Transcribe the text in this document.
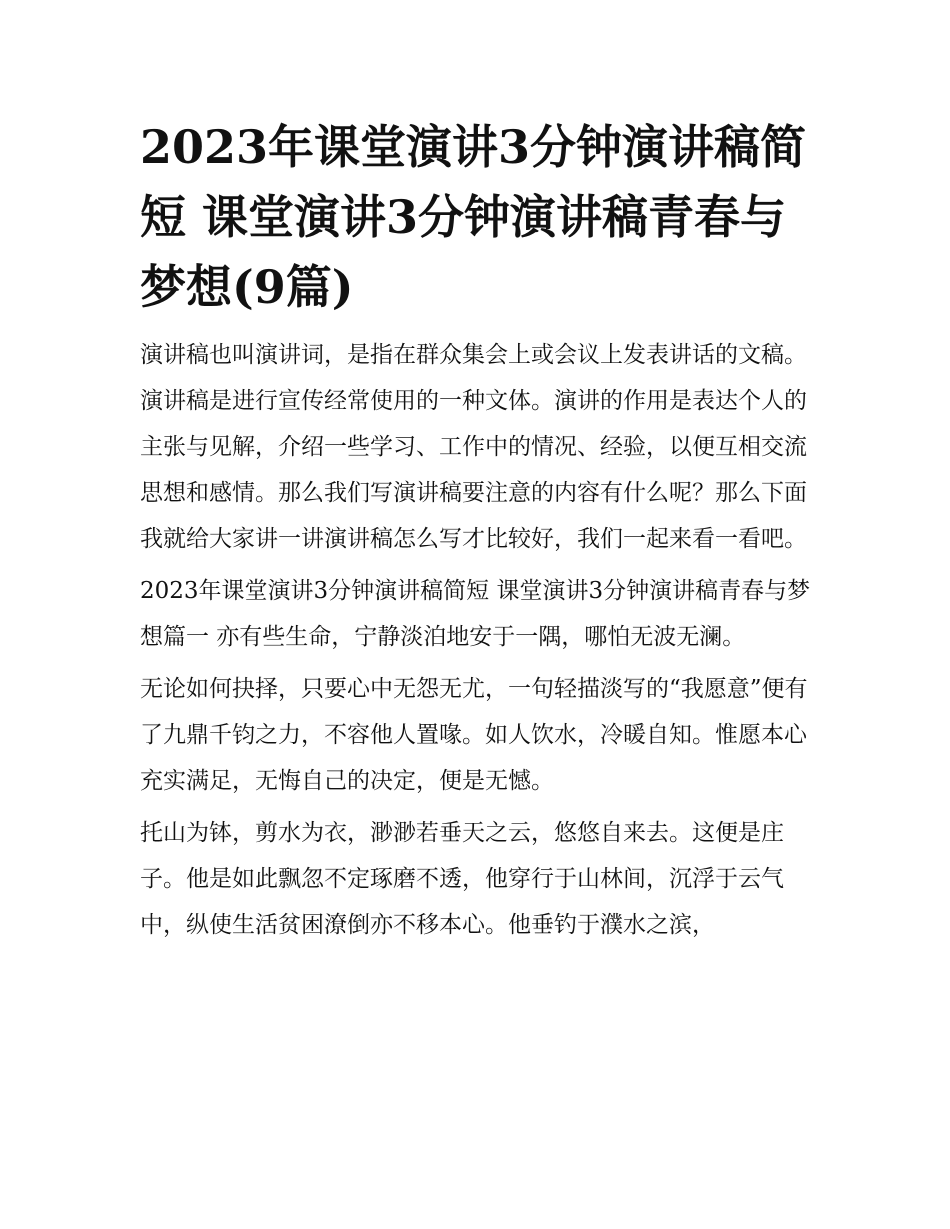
2023年课堂演讲3分钟演讲稿简短 课堂演讲3分钟演讲稿青春与梦想(9篇)

演讲稿也叫演讲词，是指在群众集会上或会议上发表讲话的文稿。演讲稿是进行宣传经常使用的一种文体。演讲的作用是表达个人的主张与见解，介绍一些学习、工作中的情况、经验，以便互相交流思想和感情。那么我们写演讲稿要注意的内容有什么呢？那么下面我就给大家讲一讲演讲稿怎么写才比较好，我们一起来看一看吧。

2023年课堂演讲3分钟演讲稿简短 课堂演讲3分钟演讲稿青春与梦想篇一 亦有些生命，宁静淡泊地安于一隅，哪怕无波无澜。

无论如何抉择，只要心中无怨无尤，一句轻描淡写的“我愿意”便有了九鼎千钧之力，不容他人置喙。如人饮水，冷暖自知。惟愿本心充实满足，无悔自己的决定，便是无憾。

托山为钵，剪水为衣，渺渺若垂天之云，悠悠自来去。这便是庄子。他是如此飘忽不定琢磨不透，他穿行于山林间，沉浮于云气中，纵使生活贫困潦倒亦不移本心。他垂钓于濮水之滨，
